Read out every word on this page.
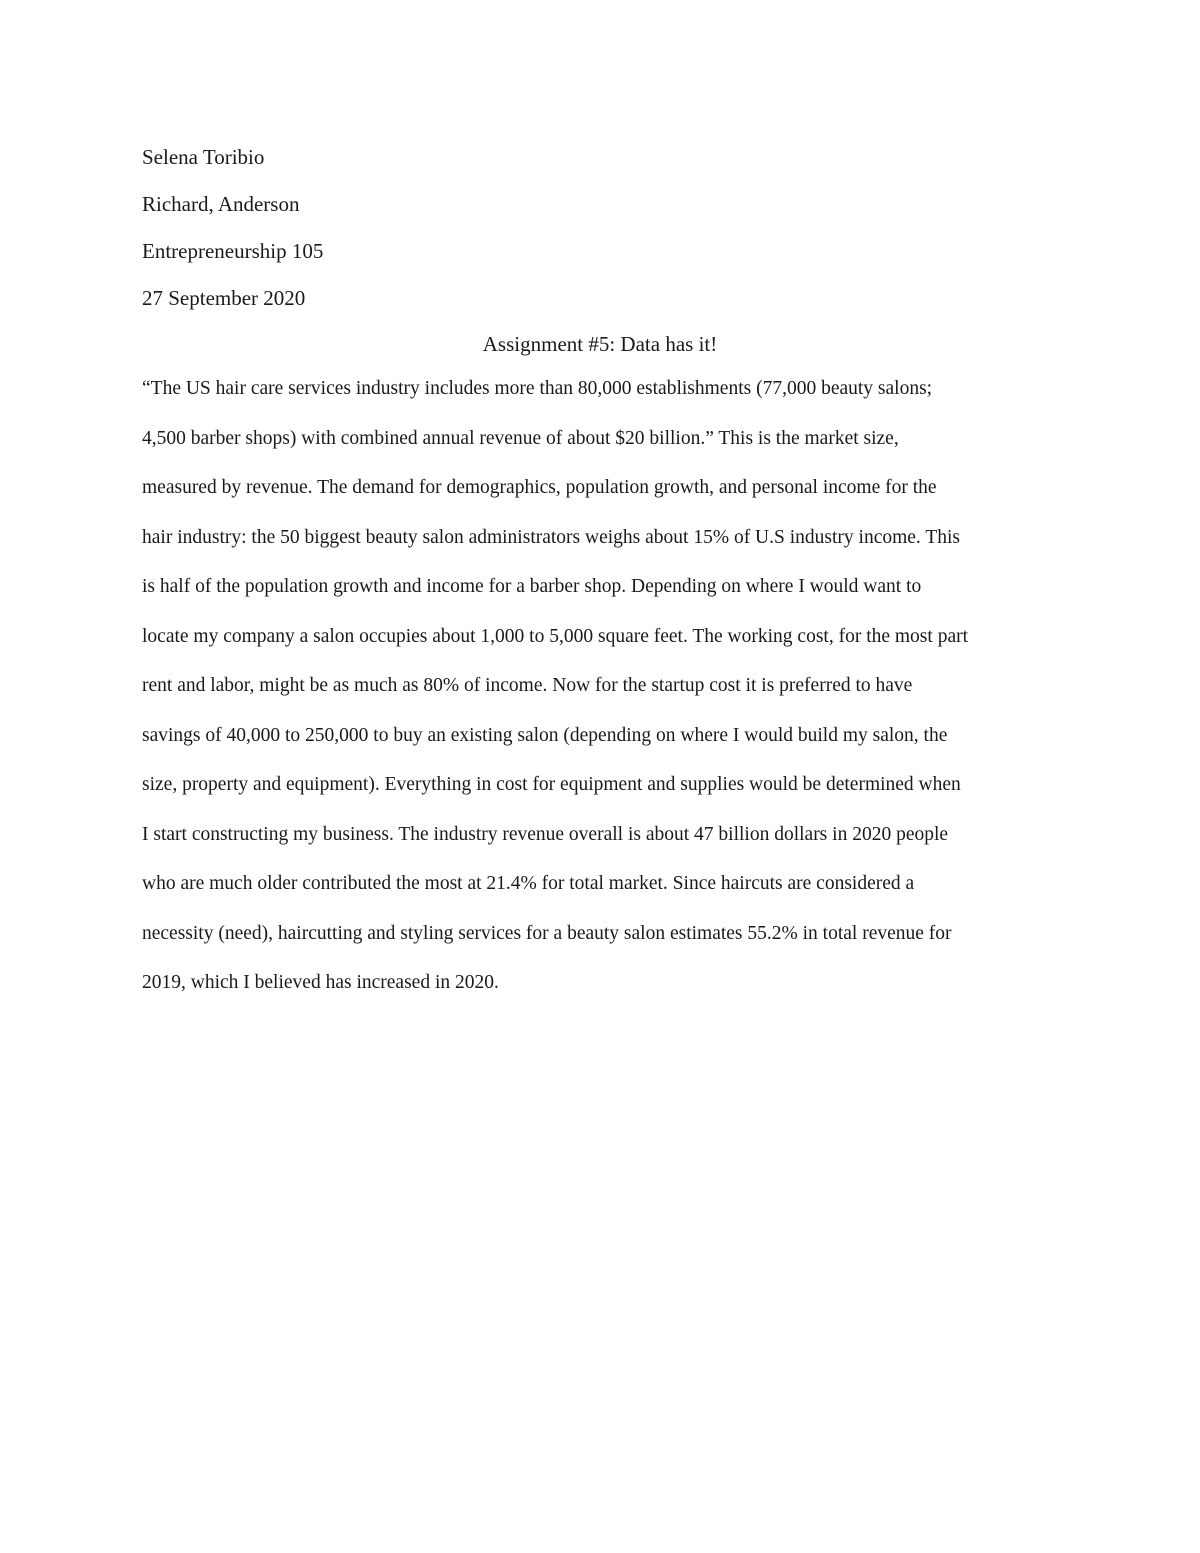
Selena Toribio
Richard, Anderson
Entrepreneurship 105
27 September 2020
Assignment #5: Data has it!
“The US hair care services industry includes more than 80,000 establishments (77,000 beauty salons;
4,500 barber shops) with combined annual revenue of about $20 billion.” This is the market size,
measured by revenue. The demand for demographics, population growth, and personal income for the
hair industry: the 50 biggest beauty salon administrators weighs about 15% of U.S industry income. This
is half of the population growth and income for a barber shop. Depending on where I would want to
locate my company a salon occupies about 1,000 to 5,000 square feet. The working cost, for the most part
rent and labor, might be as much as 80% of income. Now for the startup cost it is preferred to have
savings of 40,000 to 250,000 to buy an existing salon (depending on where I would build my salon, the
size, property and equipment). Everything in cost for equipment and supplies would be determined when
I start constructing my business. The industry revenue overall is about 47 billion dollars in 2020 people
who are much older contributed the most at 21.4% for total market. Since haircuts are considered a
necessity (need), haircutting and styling services for a beauty salon estimates 55.2% in total revenue for
2019, which I believed has increased in 2020.
